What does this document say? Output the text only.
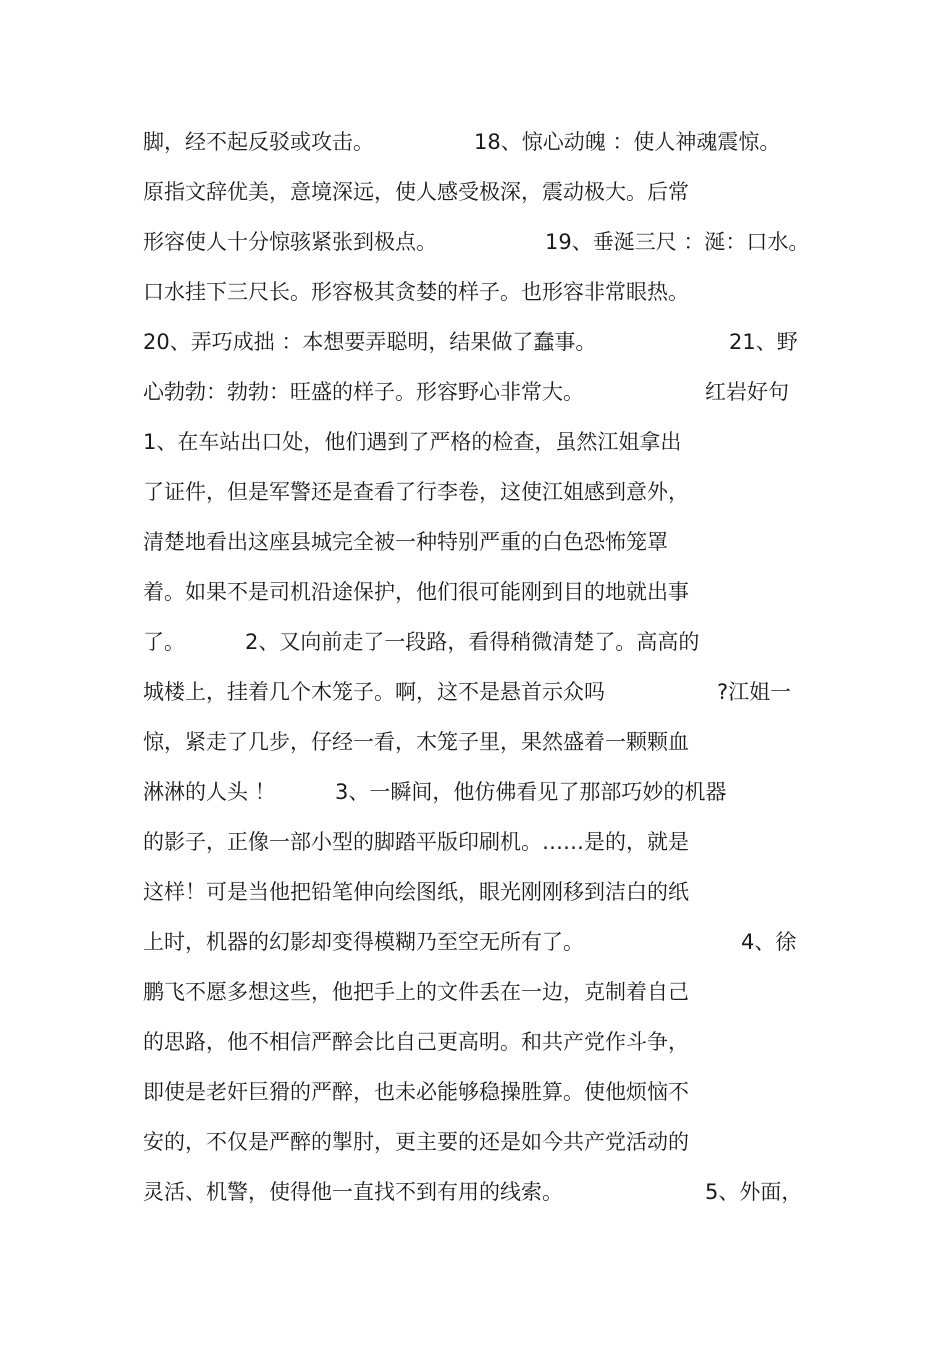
脚，经不起反驳或攻击。

	18、惊心动魄 ：使人神魂震惊。

原指文辞优美，意境深远，使人感受极深，震动极大。后常

形容使人十分惊骇紧张到极点。

	19、垂涎三尺 ：涎：口水。

口水挂下三尺长。形容极其贪婪的样子。也形容非常眼热。

20、弄巧成拙 ：本想要弄聪明，结果做了蠢事。

	21、野

心勃勃：勃勃：旺盛的样子。形容野心非常大。

	红岩好句

1、在车站出口处，他们遇到了严格的检查，虽然江姐拿出

了证件，但是军警还是查看了行李卷，这使江姐感到意外，

清楚地看出这座县城完全被一种特别严重的白色恐怖笼罩

着。如果不是司机沿途保护，他们很可能刚到目的地就出事

了。

	2、又向前走了一段路，看得稍微清楚了。高高的

城楼上，挂着几个木笼子。啊，这不是悬首示众吗

	?江姐一

惊，紧走了几步，仔经一看，木笼子里，果然盛着一颗颗血

淋淋的人头 ！

	3、一瞬间，他仿佛看见了那部巧妙的机器

的影子，正像一部小型的脚踏平版印刷机。……是的，就是

这样！可是当他把铅笔伸向绘图纸，眼光刚刚移到洁白的纸

上时，机器的幻影却变得模糊乃至空无所有了。

	4、徐

鹏飞不愿多想这些，他把手上的文件丢在一边，克制着自己

的思路，他不相信严醉会比自己更高明。和共产党作斗争，

即使是老奸巨猾的严醉，也未必能够稳操胜算。使他烦恼不

安的，不仅是严醉的掣肘，更主要的还是如今共产党活动的

灵活、机警，使得他一直找不到有用的线索。

	5、外面，
